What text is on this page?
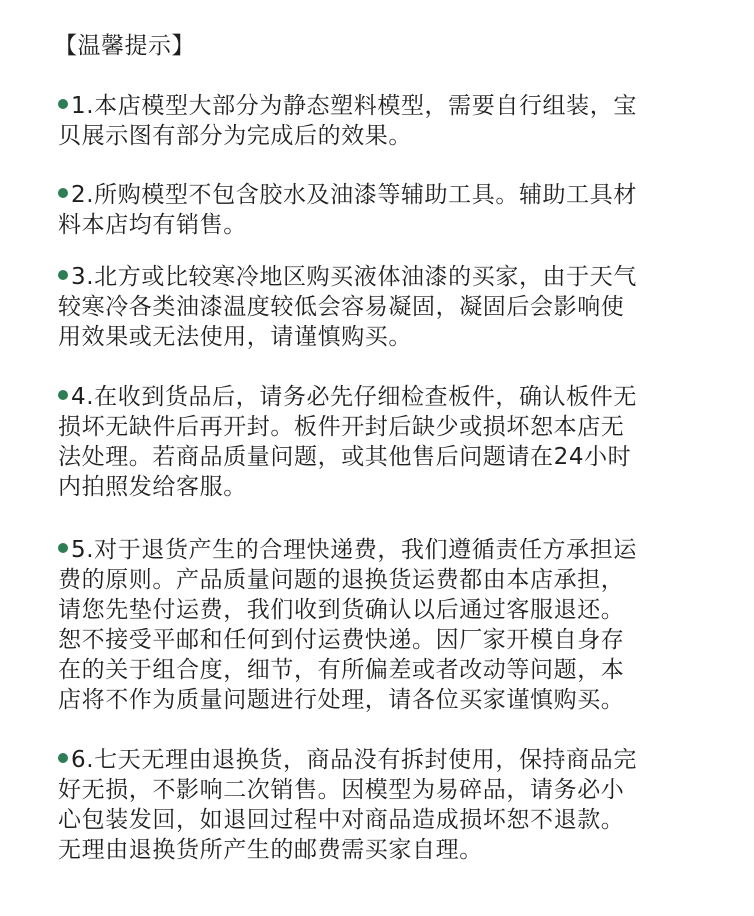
【温馨提示】
1.本店模型大部分为静态塑料模型，需要自行组装，宝
贝展示图有部分为完成后的效果。
2.所购模型不包含胶水及油漆等辅助工具。辅助工具材
料本店均有销售。
3.北方或比较寒冷地区购买液体油漆的买家，由于天气
较寒冷各类油漆温度较低会容易凝固，凝固后会影响使
用效果或无法使用，请谨慎购买。
4.在收到货品后，请务必先仔细检查板件，确认板件无
损坏无缺件后再开封。板件开封后缺少或损坏恕本店无
法处理。若商品质量问题，或其他售后问题请在24小时
内拍照发给客服。
5.对于退货产生的合理快递费，我们遵循责任方承担运
费的原则。产品质量问题的退换货运费都由本店承担，
请您先垫付运费，我们收到货确认以后通过客服退还。
恕不接受平邮和任何到付运费快递。因厂家开模自身存
在的关于组合度，细节，有所偏差或者改动等问题，本
店将不作为质量问题进行处理，请各位买家谨慎购买。
6.七天无理由退换货，商品没有拆封使用，保持商品完
好无损，不影响二次销售。因模型为易碎品，请务必小
心包装发回，如退回过程中对商品造成损坏恕不退款。
无理由退换货所产生的邮费需买家自理。
